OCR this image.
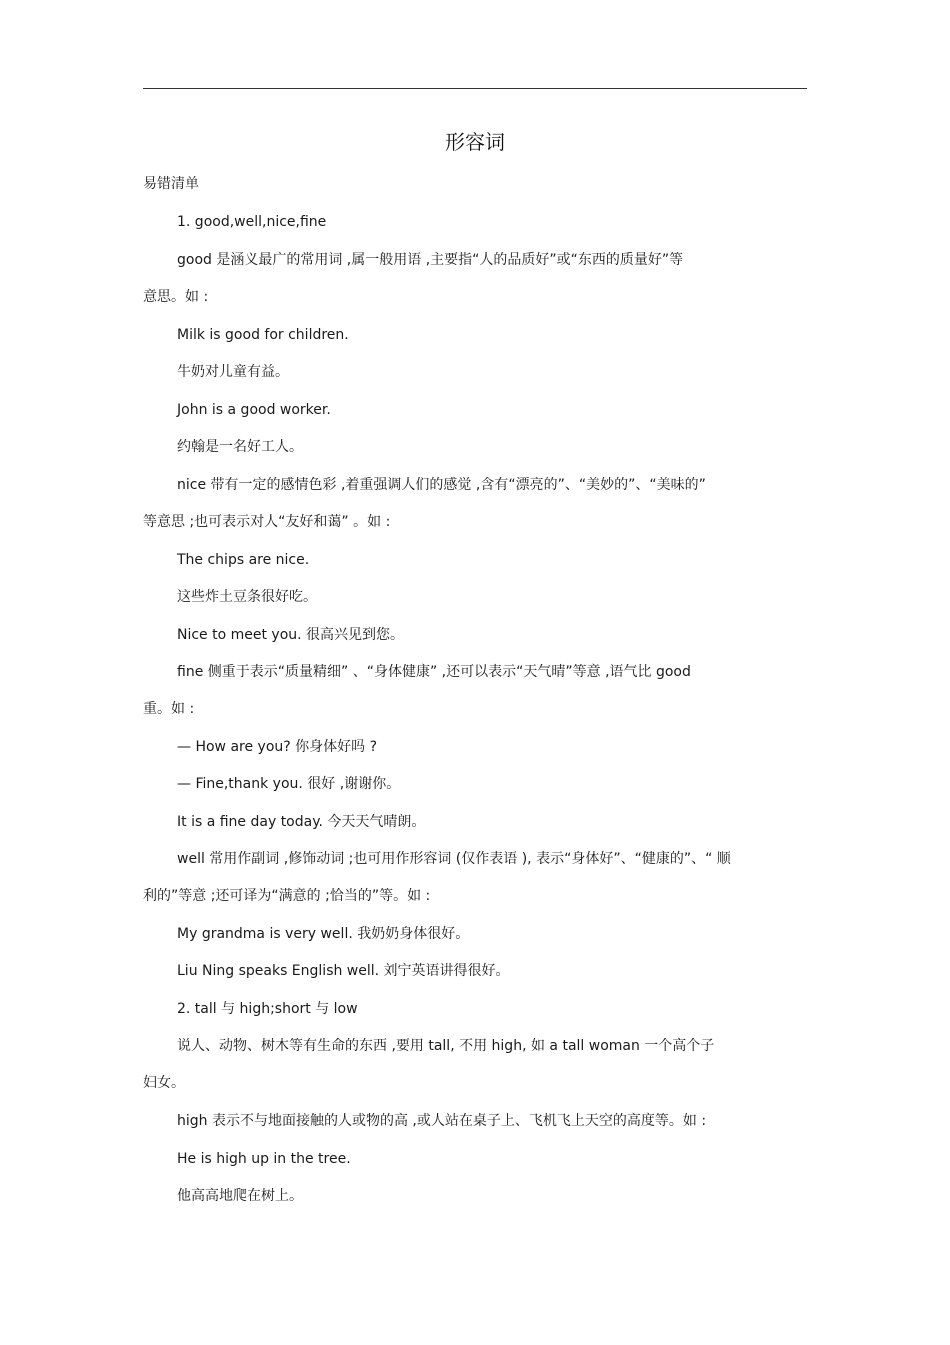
形容词
易错清单
1. good,well,nice,fine
good 是涵义最广的常用词 ,属一般用语 ,主要指“人的品质好”或“东西的质量好”等
意思。如 :
Milk is good for children.
牛奶对儿童有益。
John is a good worker.
约翰是一名好工人。
nice 带有一定的感情色彩 ,着重强调人们的感觉 ,含有“漂亮的”、“美妙的”、“美味的”
等意思 ;也可表示对人“友好和蔼” 。如 :
The chips are nice.
这些炸土豆条很好吃。
Nice to meet you. 很高兴见到您。
fine 侧重于表示“质量精细” 、“身体健康” ,还可以表示“天气晴”等意 ,语气比 good
重。如 :
— How are you? 你身体好吗 ?
— Fine,thank you. 很好 ,谢谢你。
It is a fine day today. 今天天气晴朗。
well 常用作副词 ,修饰动词 ;也可用作形容词 (仅作表语 ), 表示“身体好”、“健康的”、“ 顺
利的”等意 ;还可译为“满意的 ;恰当的”等。如 :
My grandma is very well. 我奶奶身体很好。
Liu Ning speaks English well. 刘宁英语讲得很好。
2. tall 与 high;short 与 low
说人、动物、树木等有生命的东西 ,要用 tall, 不用 high, 如 a tall woman 一个高个子
妇女。
high 表示不与地面接触的人或物的高 ,或人站在桌子上、飞机飞上天空的高度等。如 :
He is high up in the tree.
他高高地爬在树上。
